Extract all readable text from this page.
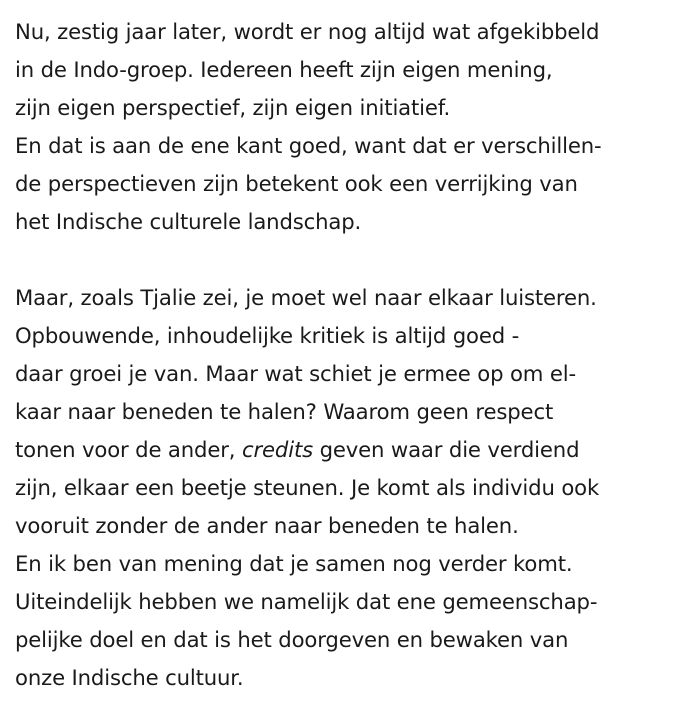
Nu, zestig jaar later, wordt er nog altijd wat afgekibbeld
in de Indo-groep. Iedereen heeft zijn eigen mening,
zijn eigen perspectief, zijn eigen initiatief.
En dat is aan de ene kant goed, want dat er verschillen-
de perspectieven zijn betekent ook een verrijking van
het Indische culturele landschap.

Maar, zoals Tjalie zei, je moet wel naar elkaar luisteren.
Opbouwende, inhoudelijke kritiek is altijd goed -
daar groei je van. Maar wat schiet je ermee op om el-
kaar naar beneden te halen? Waarom geen respect
tonen voor de ander, credits geven waar die verdiend
zijn, elkaar een beetje steunen. Je komt als individu ook
vooruit zonder de ander naar beneden te halen.
En ik ben van mening dat je samen nog verder komt.
Uiteindelijk hebben we namelijk dat ene gemeenschap-
pelijke doel en dat is het doorgeven en bewaken van
onze Indische cultuur.
